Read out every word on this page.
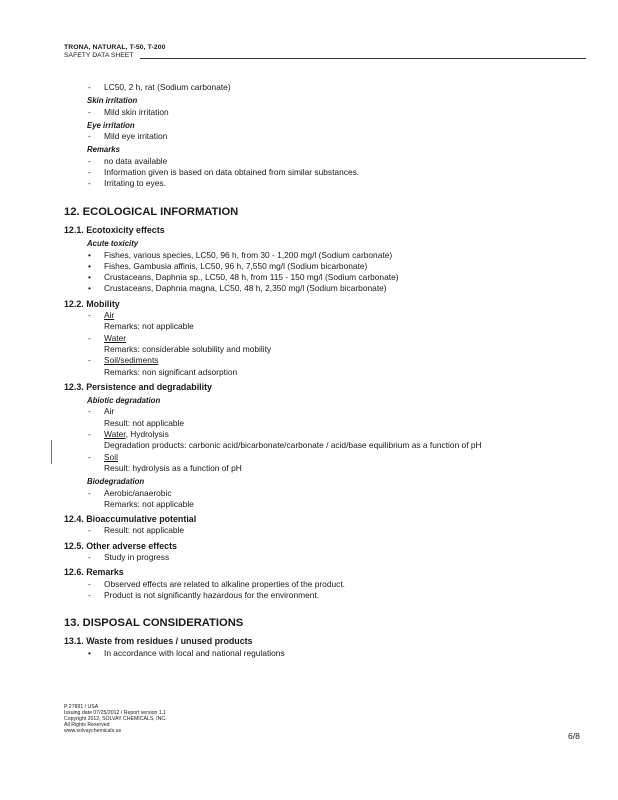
TRONA, NATURAL, T-50, T-200
SAFETY DATA SHEET
- LC50, 2 h, rat (Sodium carbonate)
Skin irritation
- Mild skin irritation
Eye irritation
- Mild eye irritation
Remarks
- no data available
- Information given is based on data obtained from similar substances.
- Irritating to eyes.
12. ECOLOGICAL INFORMATION
12.1. Ecotoxicity effects
Acute toxicity
• Fishes, various species, LC50, 96 h, from 30 - 1,200 mg/l (Sodium carbonate)
• Fishes, Gambusia affinis, LC50, 96 h, 7,550 mg/l (Sodium bicarbonate)
• Crustaceans, Daphnia sp., LC50, 48 h, from 115 - 150 mg/l (Sodium carbonate)
• Crustaceans, Daphnia magna, LC50, 48 h, 2,350 mg/l (Sodium bicarbonate)
12.2. Mobility
- Air
Remarks: not applicable
- Water
Remarks: considerable solubility and mobility
- Soil/sediments
Remarks: non significant adsorption
12.3. Persistence and degradability
Abiotic degradation
- Air
Result: not applicable
- Water, Hydrolysis
Degradation products: carbonic acid/bicarbonate/carbonate / acid/base equilibrium as a function of pH
- Soil
Result: hydrolysis as a function of pH
Biodegradation
- Aerobic/anaerobic
Remarks: not applicable
12.4. Bioaccumulative potential
- Result: not applicable
12.5. Other adverse effects
- Study in progress
12.6. Remarks
- Observed effects are related to alkaline properties of the product.
- Product is not significantly hazardous for the environment.
13. DISPOSAL CONSIDERATIONS
13.1. Waste from residues / unused products
• In accordance with local and national regulations
P 27891 / USA
Issuing date 07/25/2012 / Report version 1.1
Copyright 2012, SOLVAY CHEMICALS, INC.
All Rights Reserved
www.solvaychemicals.us	6/8
